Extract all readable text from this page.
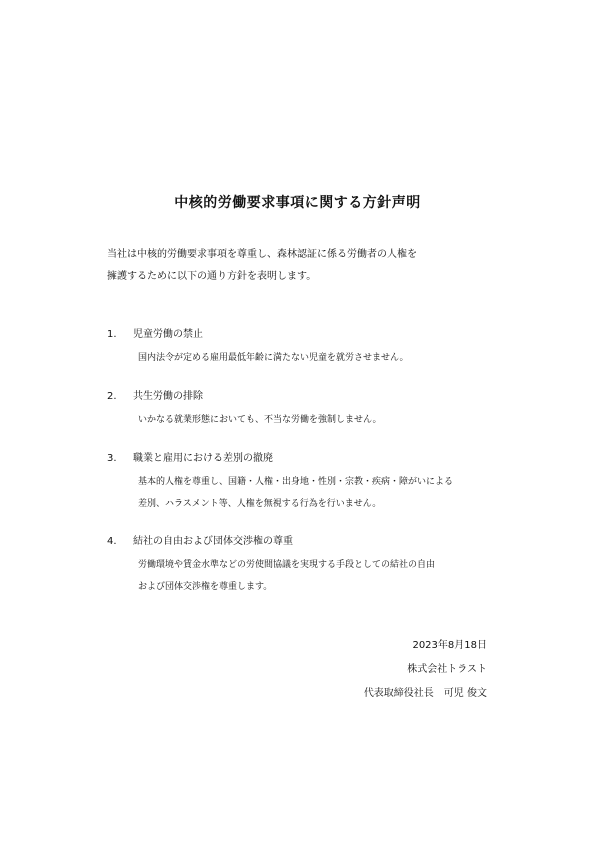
中核的労働要求事項に関する方針声明
当社は中核的労働要求事項を尊重し、森林認証に係る労働者の人権を
擁護するために以下の通り方針を表明します。
1.	児童労働の禁止
国内法令が定める雇用最低年齢に満たない児童を就労させません。
2.	共生労働の排除
いかなる就業形態においても、不当な労働を強制しません。
3.	職業と雇用における差別の撤廃
基本的人権を尊重し、国籍・人権・出身地・性別・宗教・疾病・障がいによる
差別、ハラスメント等、人権を無視する行為を行いません。
4.	結社の自由および団体交渉権の尊重
労働環境や賃金水準などの労使間協議を実現する手段としての結社の自由
および団体交渉権を尊重します。
2023年8月18日
株式会社トラスト
代表取締役社長　可児 俊文
